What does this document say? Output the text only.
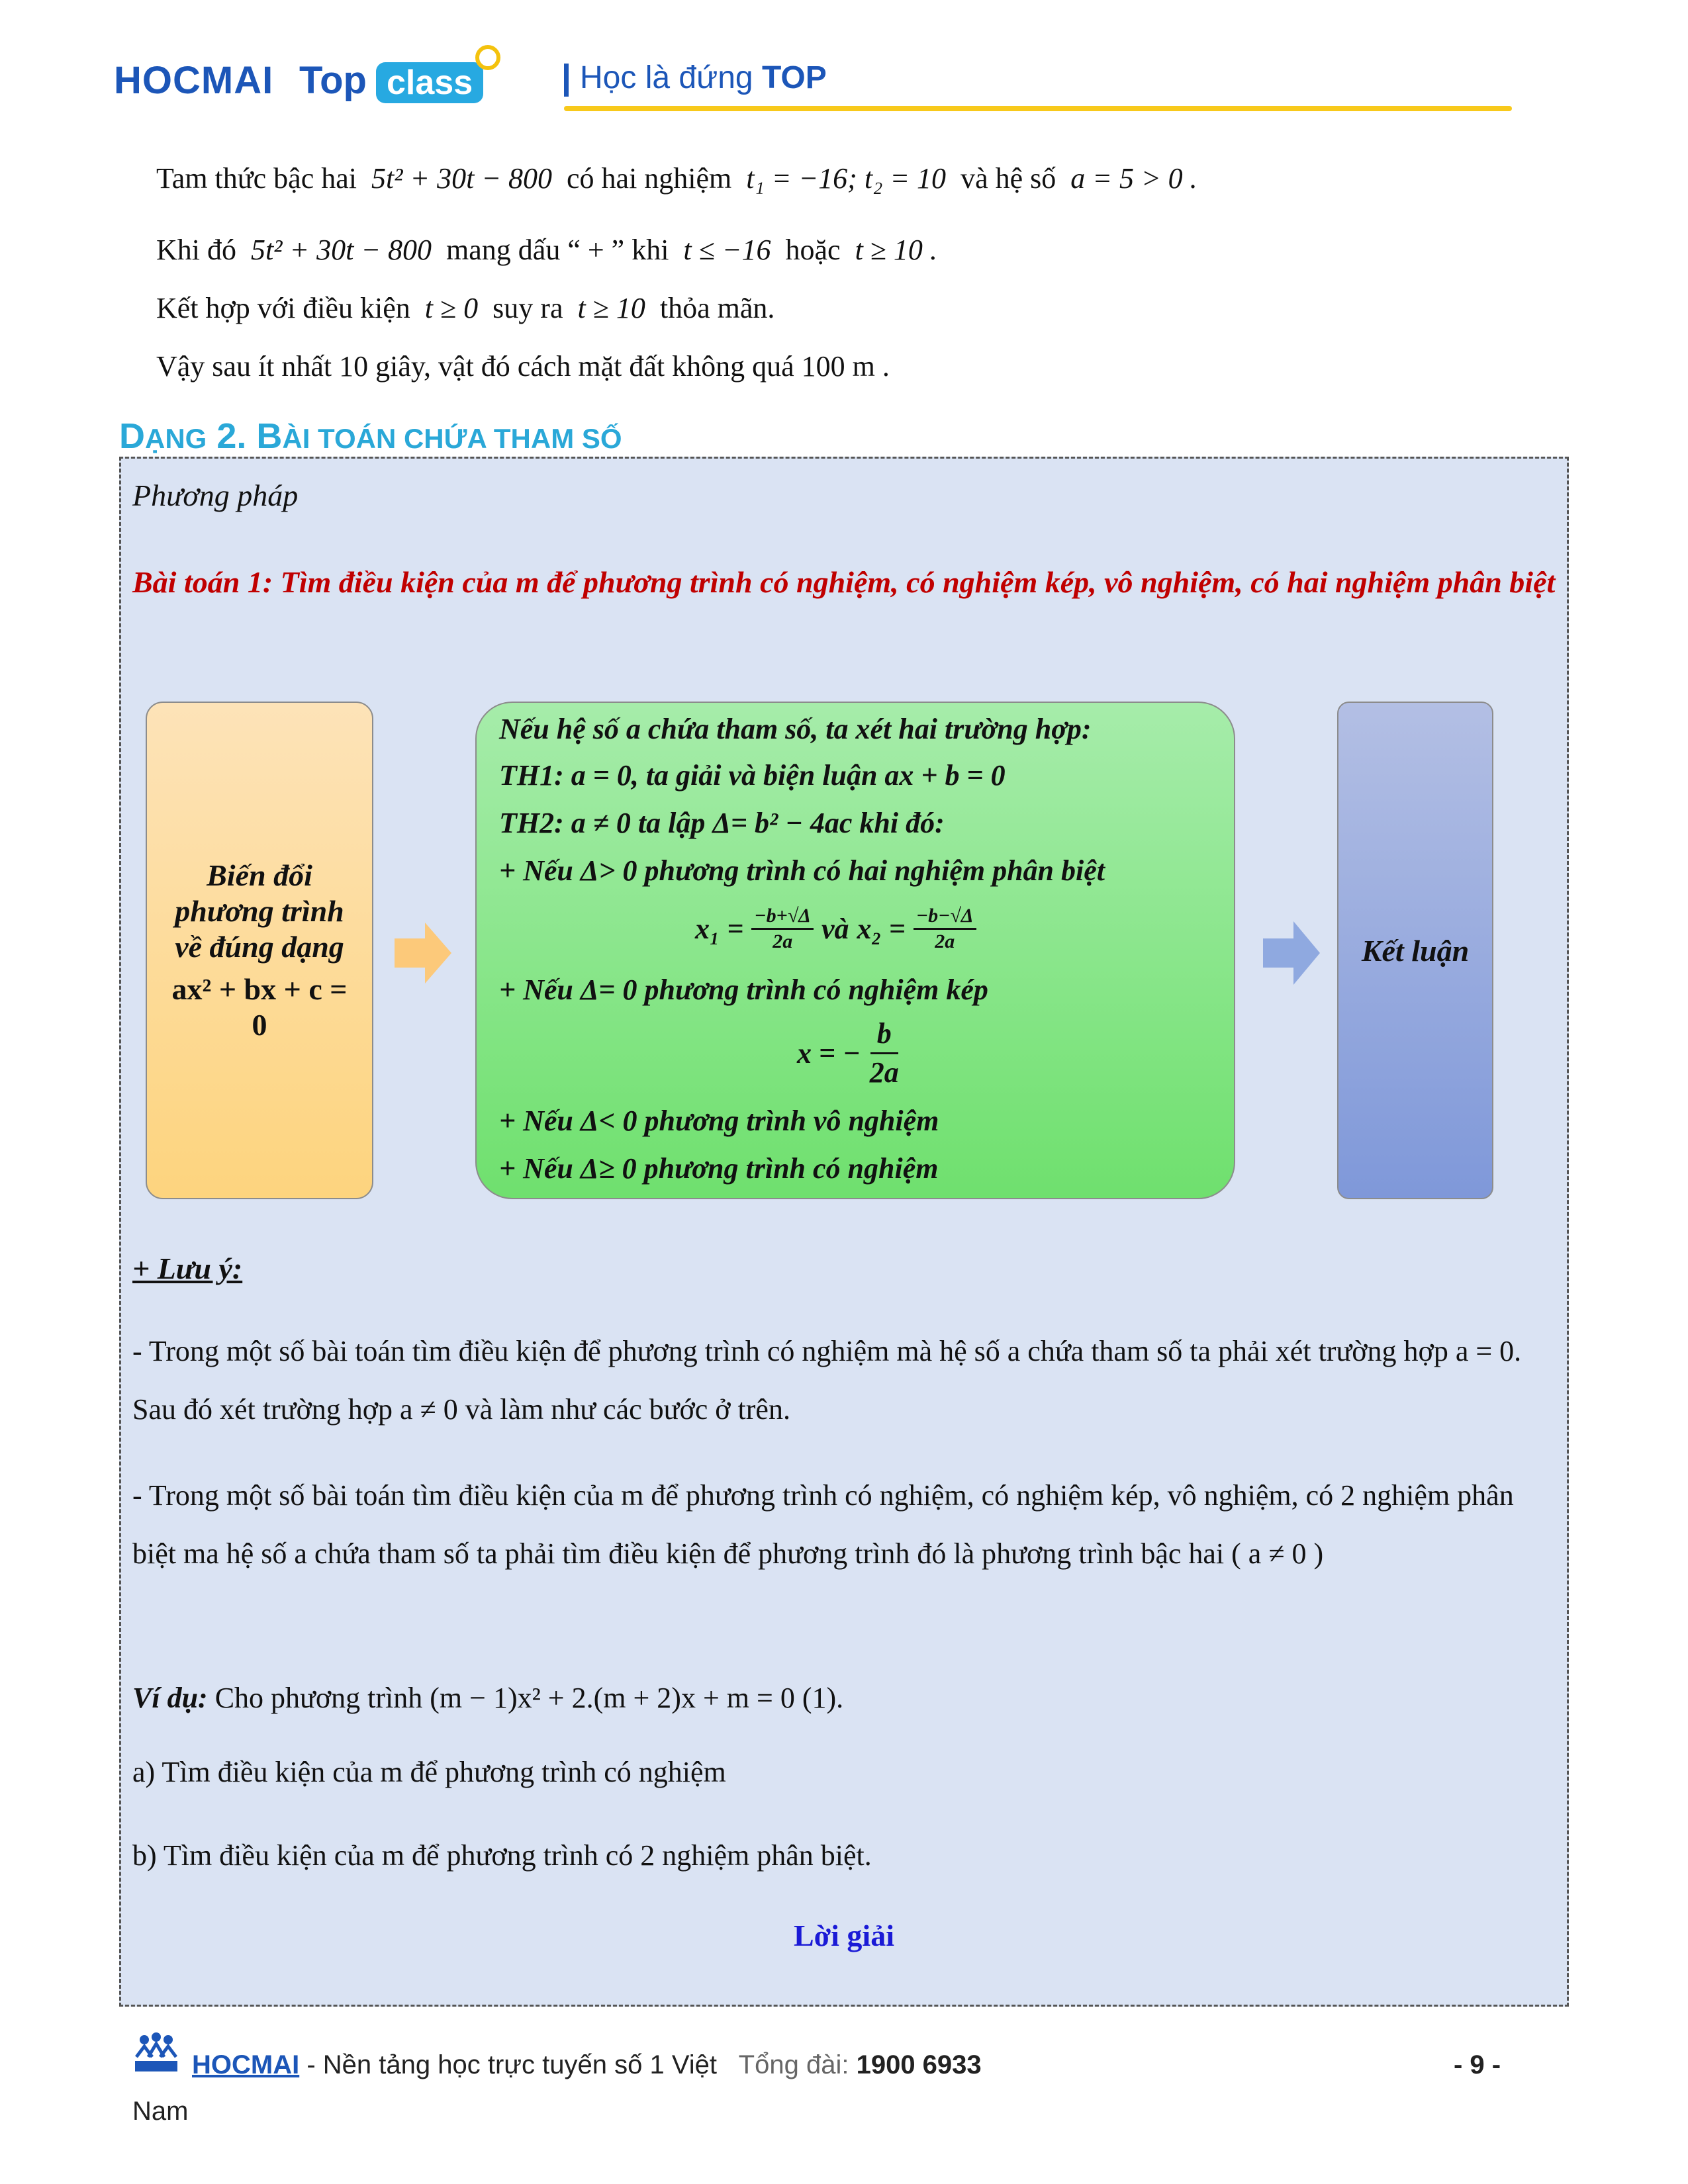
HOCMAI Top class	Học là đứng TOP
Tam thức bậc hai 5t² + 30t − 800 có hai nghiệm t₁ = −16; t₂ = 10 và hệ số a = 5 > 0 .
Khi đó 5t² + 30t − 800 mang dấu “ + ” khi t ≤ −16 hoặc t ≥ 10 .
Kết hợp với điều kiện t ≥ 0 suy ra t ≥ 10 thỏa mãn.
Vậy sau ít nhất 10 giây, vật đó cách mặt đất không quá 100 m .
DẠNG 2. BÀI TOÁN CHỨA THAM SỐ
Phương pháp
Bài toán 1: Tìm điều kiện của m để phương trình có nghiệm, có nghiệm kép, vô nghiệm, có hai nghiệm phân biệt
Biến đổi
phương trình
về đúng dạng
ax² + bx + c =
0
Nếu hệ số a chứa tham số, ta xét hai trường hợp:
TH1: a = 0, ta giải và biện luận ax + b = 0
TH2: a ≠ 0 ta lập Δ= b² − 4ac khi đó:
+ Nếu Δ> 0 phương trình có hai nghiệm phân biệt
$x_1 = \frac{-b+√\Delta}{2a}$ và $x_2 = \frac{-b-√\Delta}{2a}$
+ Nếu Δ= 0 phương trình có nghiệm kép
x = − $\frac{b}{2a}$
+ Nếu Δ< 0 phương trình vô nghiệm
+ Nếu Δ≥ 0 phương trình có nghiệm
Kết luận
+ Lưu ý:
- Trong một số bài toán tìm điều kiện để phương trình có nghiệm mà hệ số a chứa tham số ta phải xét trường hợp a = 0. Sau đó xét trường hợp a ≠ 0 và làm như các bước ở trên.
- Trong một số bài toán tìm điều kiện của m để phương trình có nghiệm, có nghiệm kép, vô nghiệm, có 2 nghiệm phân biệt ma hệ số a chứa tham số ta phải tìm điều kiện để phương trình đó là phương trình bậc hai ( a ≠ 0 )
Ví dụ: Cho phương trình (m − 1)x² + 2.(m + 2)x + m = 0 (1).
a) Tìm điều kiện của m để phương trình có nghiệm
b) Tìm điều kiện của m để phương trình có 2 nghiệm phân biệt.
Lời giải
HOCMAI - Nền tảng học trực tuyến số 1 Việt Tổng đài: 1900 6933	- 9 -
Nam
